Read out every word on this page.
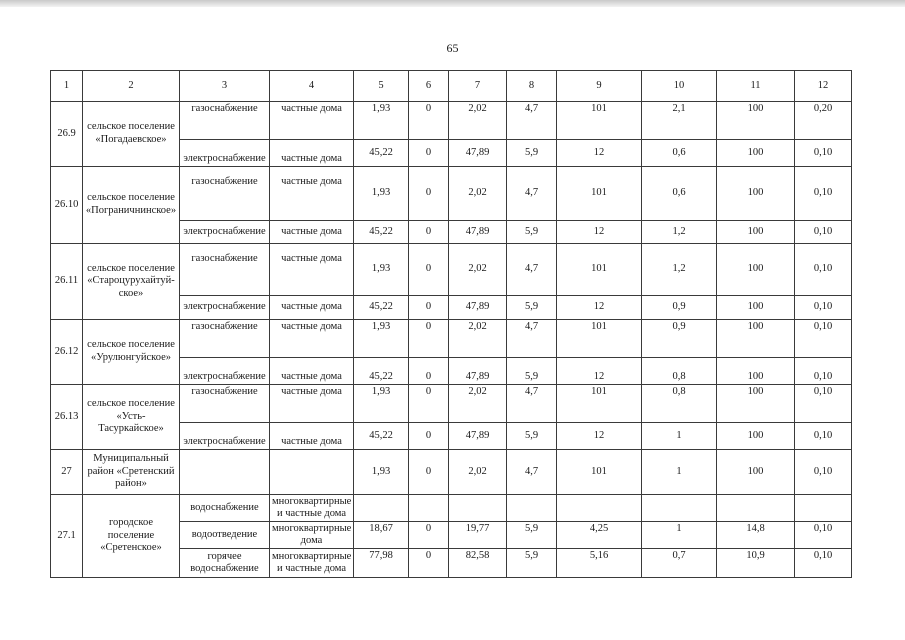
65
1	2	3	4	5	6	7	8	9	10	11	12
26.9	сельское поселение «Погадаевское»	газоснабжение	частные дома	1,93	0	2,02	4,7	101	2,1	100	0,20
		электроснабжение	частные дома	45,22	0	47,89	5,9	12	0,6	100	0,10
26.10	сельское поселение «Пограничнинское»	газоснабжение	частные дома	1,93	0	2,02	4,7	101	0,6	100	0,10
		электроснабжение	частные дома	45,22	0	47,89	5,9	12	1,2	100	0,10
26.11	сельское поселение «Староцурухайтуй-ское»	газоснабжение	частные дома	1,93	0	2,02	4,7	101	1,2	100	0,10
		электроснабжение	частные дома	45,22	0	47,89	5,9	12	0,9	100	0,10
26.12	сельское поселение «Урулюнгуйское»	газоснабжение	частные дома	1,93	0	2,02	4,7	101	0,9	100	0,10
		электроснабжение	частные дома	45,22	0	47,89	5,9	12	0,8	100	0,10
26.13	сельское поселение «Усть-Тасуркайское»	газоснабжение	частные дома	1,93	0	2,02	4,7	101	0,8	100	0,10
		электроснабжение	частные дома	45,22	0	47,89	5,9	12	1	100	0,10
27	Муниципальный район «Сретенский район»			1,93	0	2,02	4,7	101	1	100	0,10
27.1	городское поселение «Сретенское»	водоснабжение	многоквартирные и частные дома								
		водоотведение	многоквартирные дома	18,67	0	19,77	5,9	4,25	1	14,8	0,10
		горячее водоснабжение	многоквартирные и частные дома	77,98	0	82,58	5,9	5,16	0,7	10,9	0,10
